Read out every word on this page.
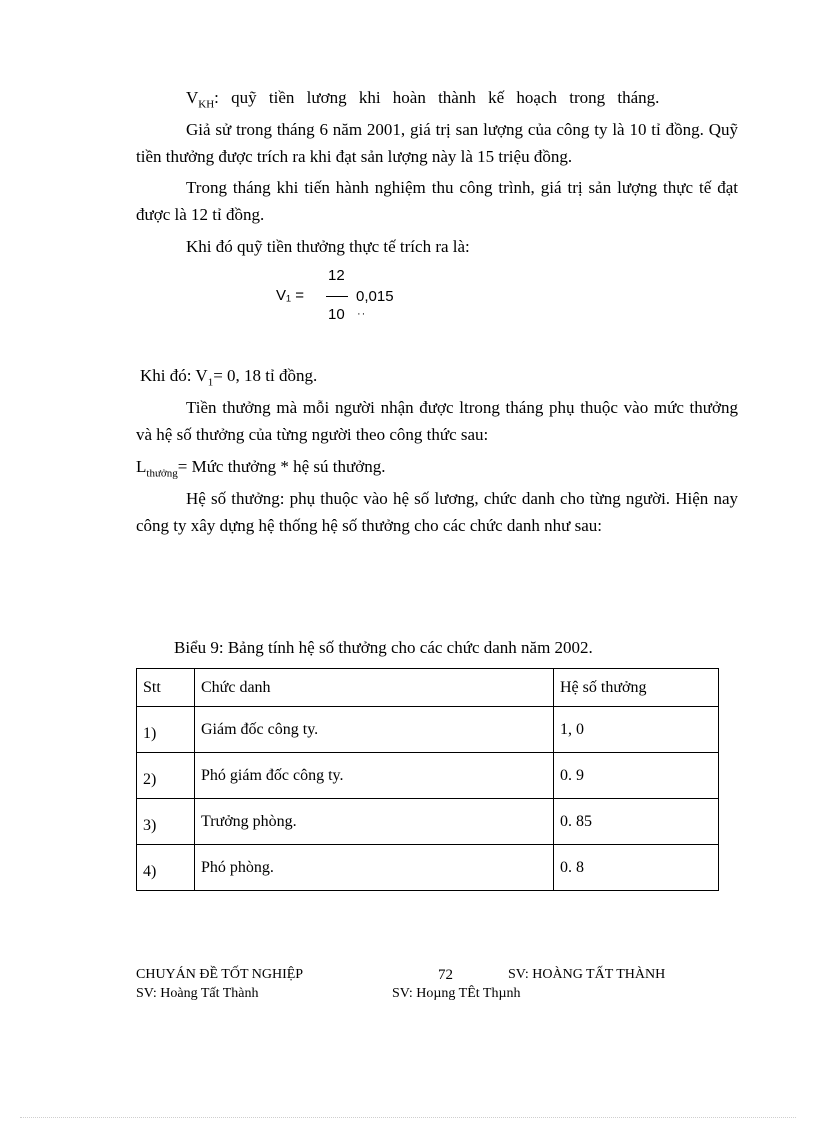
$V_{KH}$: quỹ tiền lương khi hoàn thành kế hoạch trong tháng.
Giả sử trong tháng 6 năm 2001, giá trị san lượng của công ty là 10 tỉ đồng. Quỹ tiền thưởng được trích ra khi đạt sản lượng này là 15 triệu đồng.
Trong tháng khi tiến hành nghiệm thu công trình, giá trị sản lượng thực tế đạt được là 12 tỉ đồng.
Khi đó quỹ tiền thưởng thực tế trích ra là:
V₁ =
12
10
0,015
··
Khi đó: $V_1= 0$, 18 tỉ đồng.
Tiền thưởng mà mỗi người nhận được ltrong tháng phụ thuộc vào mức thưởng và hệ số thưởng của từng người theo công thức sau:
$L_{thưởng}=$ Mức thưởng * hệ sú thưởng.
Hệ số thưởng: phụ thuộc vào hệ số lương, chức danh cho từng người. Hiện nay công ty xây dựng hệ thống hệ số thưởng cho các chức danh như sau:
Biểu 9: Bảng tính hệ số thưởng cho các chức danh năm 2002.
Stt	Chức danh	Hệ số thưởng
1)	Giám đốc công ty.	1, 0
2)	Phó giám đốc công ty.	0. 9
3)	Trưởng phòng.	0. 85
4)	Phó phòng.	0. 8
CHUYÁN ĐỀ TỐT NGHIỆP	72	SV: HOÀNG TẤT THÀNH
SV: Hoàng Tất Thành	SV: Hoµng TÊt Thµnh
